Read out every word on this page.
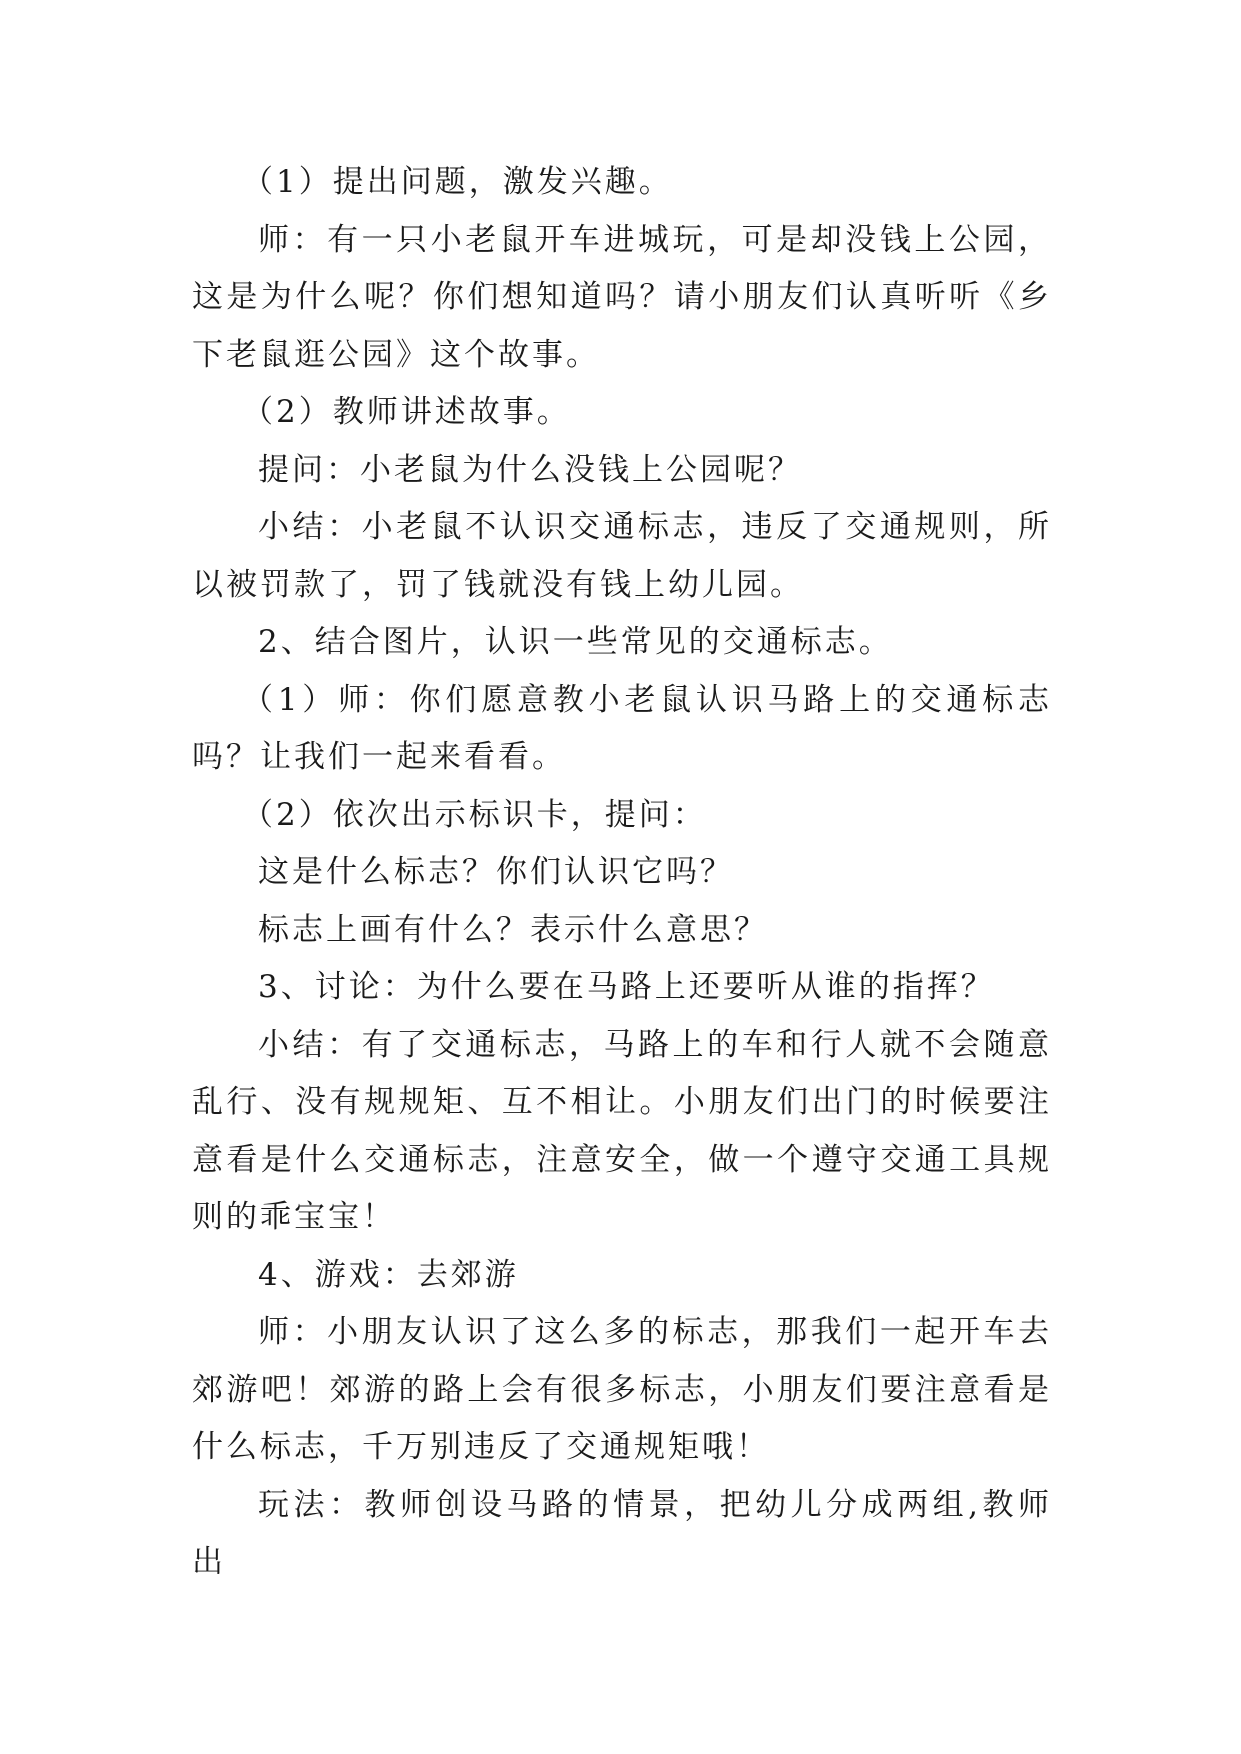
（1）提出问题，激发兴趣。

师：有一只小老鼠开车进城玩，可是却没钱上公园，这是为什么呢？你们想知道吗？请小朋友们认真听听《乡下老鼠逛公园》这个故事。

（2）教师讲述故事。

提问：小老鼠为什么没钱上公园呢？

小结：小老鼠不认识交通标志，违反了交通规则，所以被罚款了，罚了钱就没有钱上幼儿园。

2、结合图片，认识一些常见的交通标志。

（1）师：你们愿意教小老鼠认识马路上的交通标志吗？让我们一起来看看。

（2）依次出示标识卡，提问：

这是什么标志？你们认识它吗？

标志上画有什么？表示什么意思？

3、讨论：为什么要在马路上还要听从谁的指挥？

小结：有了交通标志，马路上的车和行人就不会随意乱行、没有规规矩、互不相让。小朋友们出门的时候要注意看是什么交通标志，注意安全，做一个遵守交通工具规则的乖宝宝！

4、游戏：去郊游

师：小朋友认识了这么多的标志，那我们一起开车去郊游吧！郊游的路上会有很多标志，小朋友们要注意看是什么标志，千万别违反了交通规矩哦！

玩法：教师创设马路的情景，把幼儿分成两组,教师出
